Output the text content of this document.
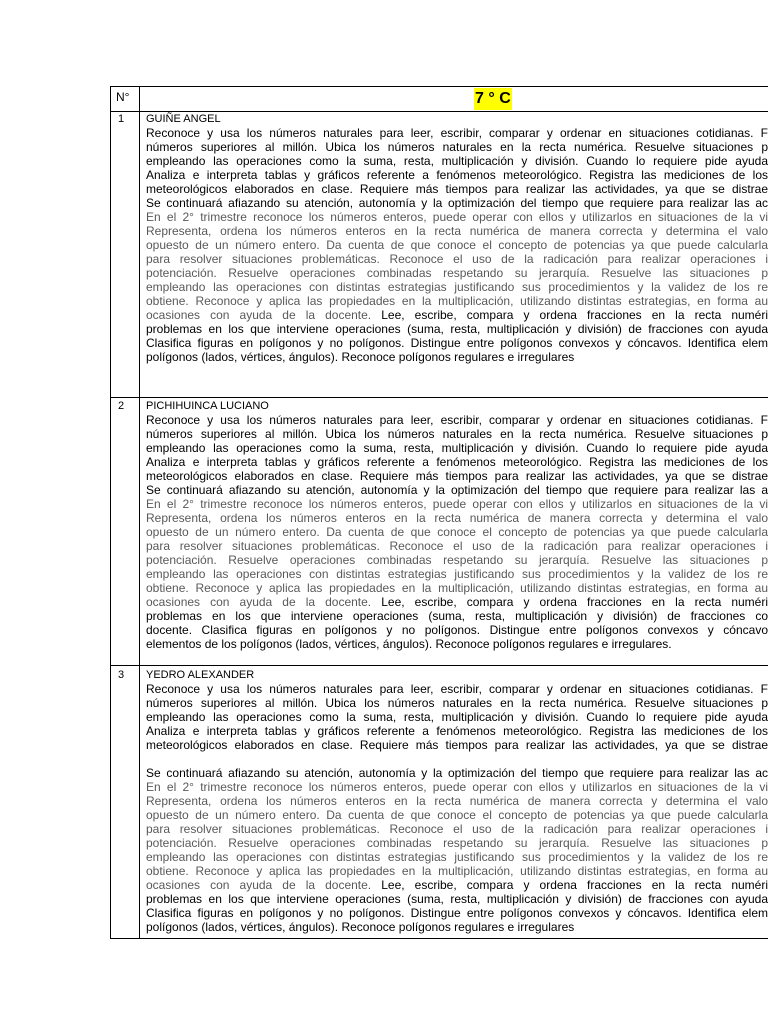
N°	7 ° C
1	GUIÑE ANGEL
Reconoce y usa los números naturales para leer, escribir, comparar y ordenar en situaciones cotidianas. F
números superiores al millón. Ubica los números naturales en la recta numérica. Resuelve situaciones p
empleando las operaciones como la suma, resta, multiplicación y división. Cuando lo requiere pide ayuda
Analiza e interpreta tablas y gráficos referente a fenómenos meteorológico. Registra las mediciones de los
meteorológicos elaborados en clase. Requiere más tiempos para realizar las actividades, ya que se distrae
Se continuará afiazando su atención, autonomía y la optimización del tiempo que requiere para realizar las ac
En el 2° trimestre reconoce los números enteros, puede operar con ellos y utilizarlos en situaciones de la vi
Representa, ordena los números enteros en la recta numérica de manera correcta y determina el valo
opuesto de un número entero. Da cuenta de que conoce el concepto de potencias ya que puede calcularla
para resolver situaciones problemáticas. Reconoce el uso de la radicación para realizar operaciones i
potenciación. Resuelve operaciones combinadas respetando su jerarquía. Resuelve las situaciones p
empleando las operaciones con distintas estrategias justificando sus procedimientos y la validez de los re
obtiene. Reconoce y aplica las propiedades en la multiplicación, utilizando distintas estrategias, en forma au
ocasiones con ayuda de la docente. Lee, escribe, compara y ordena fracciones en la recta numéri
problemas en los que interviene operaciones (suma, resta, multiplicación y división) de fracciones con ayuda
Clasifica figuras en polígonos y no polígonos. Distingue entre polígonos convexos y cóncavos. Identifica elem
polígonos (lados, vértices, ángulos). Reconoce polígonos regulares e irregulares
2	PICHIHUINCA LUCIANO
Reconoce y usa los números naturales para leer, escribir, comparar y ordenar en situaciones cotidianas. F
números superiores al millón. Ubica los números naturales en la recta numérica. Resuelve situaciones p
empleando las operaciones como la suma, resta, multiplicación y división. Cuando lo requiere pide ayuda
Analiza e interpreta tablas y gráficos referente a fenómenos meteorológico. Registra las mediciones de los
meteorológicos elaborados en clase. Requiere más tiempos para realizar las actividades, ya que se distrae
Se continuará afiazando su atención, autonomía y la optimización del tiempo que requiere para realizar las a
En el 2° trimestre reconoce los números enteros, puede operar con ellos y utilizarlos en situaciones de la vi
Representa, ordena los números enteros en la recta numérica de manera correcta y determina el valo
opuesto de un número entero. Da cuenta de que conoce el concepto de potencias ya que puede calcularla
para resolver situaciones problemáticas. Reconoce el uso de la radicación para realizar operaciones i
potenciación. Resuelve operaciones combinadas respetando su jerarquía. Resuelve las situaciones p
empleando las operaciones con distintas estrategias justificando sus procedimientos y la validez de los re
obtiene. Reconoce y aplica las propiedades en la multiplicación, utilizando distintas estrategias, en forma au
ocasiones con ayuda de la docente. Lee, escribe, compara y ordena fracciones en la recta numéri
problemas en los que interviene operaciones (suma, resta, multiplicación y división) de fracciones co
docente. Clasifica figuras en polígonos y no polígonos. Distingue entre polígonos convexos y cóncavo
elementos de los polígonos (lados, vértices, ángulos). Reconoce polígonos regulares e irregulares.
3	YEDRO ALEXANDER
Reconoce y usa los números naturales para leer, escribir, comparar y ordenar en situaciones cotidianas. F
números superiores al millón. Ubica los números naturales en la recta numérica. Resuelve situaciones p
empleando las operaciones como la suma, resta, multiplicación y división. Cuando lo requiere pide ayuda
Analiza e interpreta tablas y gráficos referente a fenómenos meteorológico. Registra las mediciones de los
meteorológicos elaborados en clase. Requiere más tiempos para realizar las actividades, ya que se distrae
Se continuará afiazando su atención, autonomía y la optimización del tiempo que requiere para realizar las ac
En el 2° trimestre reconoce los números enteros, puede operar con ellos y utilizarlos en situaciones de la vi
Representa, ordena los números enteros en la recta numérica de manera correcta y determina el valo
opuesto de un número entero. Da cuenta de que conoce el concepto de potencias ya que puede calcularla
para resolver situaciones problemáticas. Reconoce el uso de la radicación para realizar operaciones i
potenciación. Resuelve operaciones combinadas respetando su jerarquía. Resuelve las situaciones p
empleando las operaciones con distintas estrategias justificando sus procedimientos y la validez de los re
obtiene. Reconoce y aplica las propiedades en la multiplicación, utilizando distintas estrategias, en forma au
ocasiones con ayuda de la docente. Lee, escribe, compara y ordena fracciones en la recta numéri
problemas en los que interviene operaciones (suma, resta, multiplicación y división) de fracciones con ayuda
Clasifica figuras en polígonos y no polígonos. Distingue entre polígonos convexos y cóncavos. Identifica elem
polígonos (lados, vértices, ángulos). Reconoce polígonos regulares e irregulares
